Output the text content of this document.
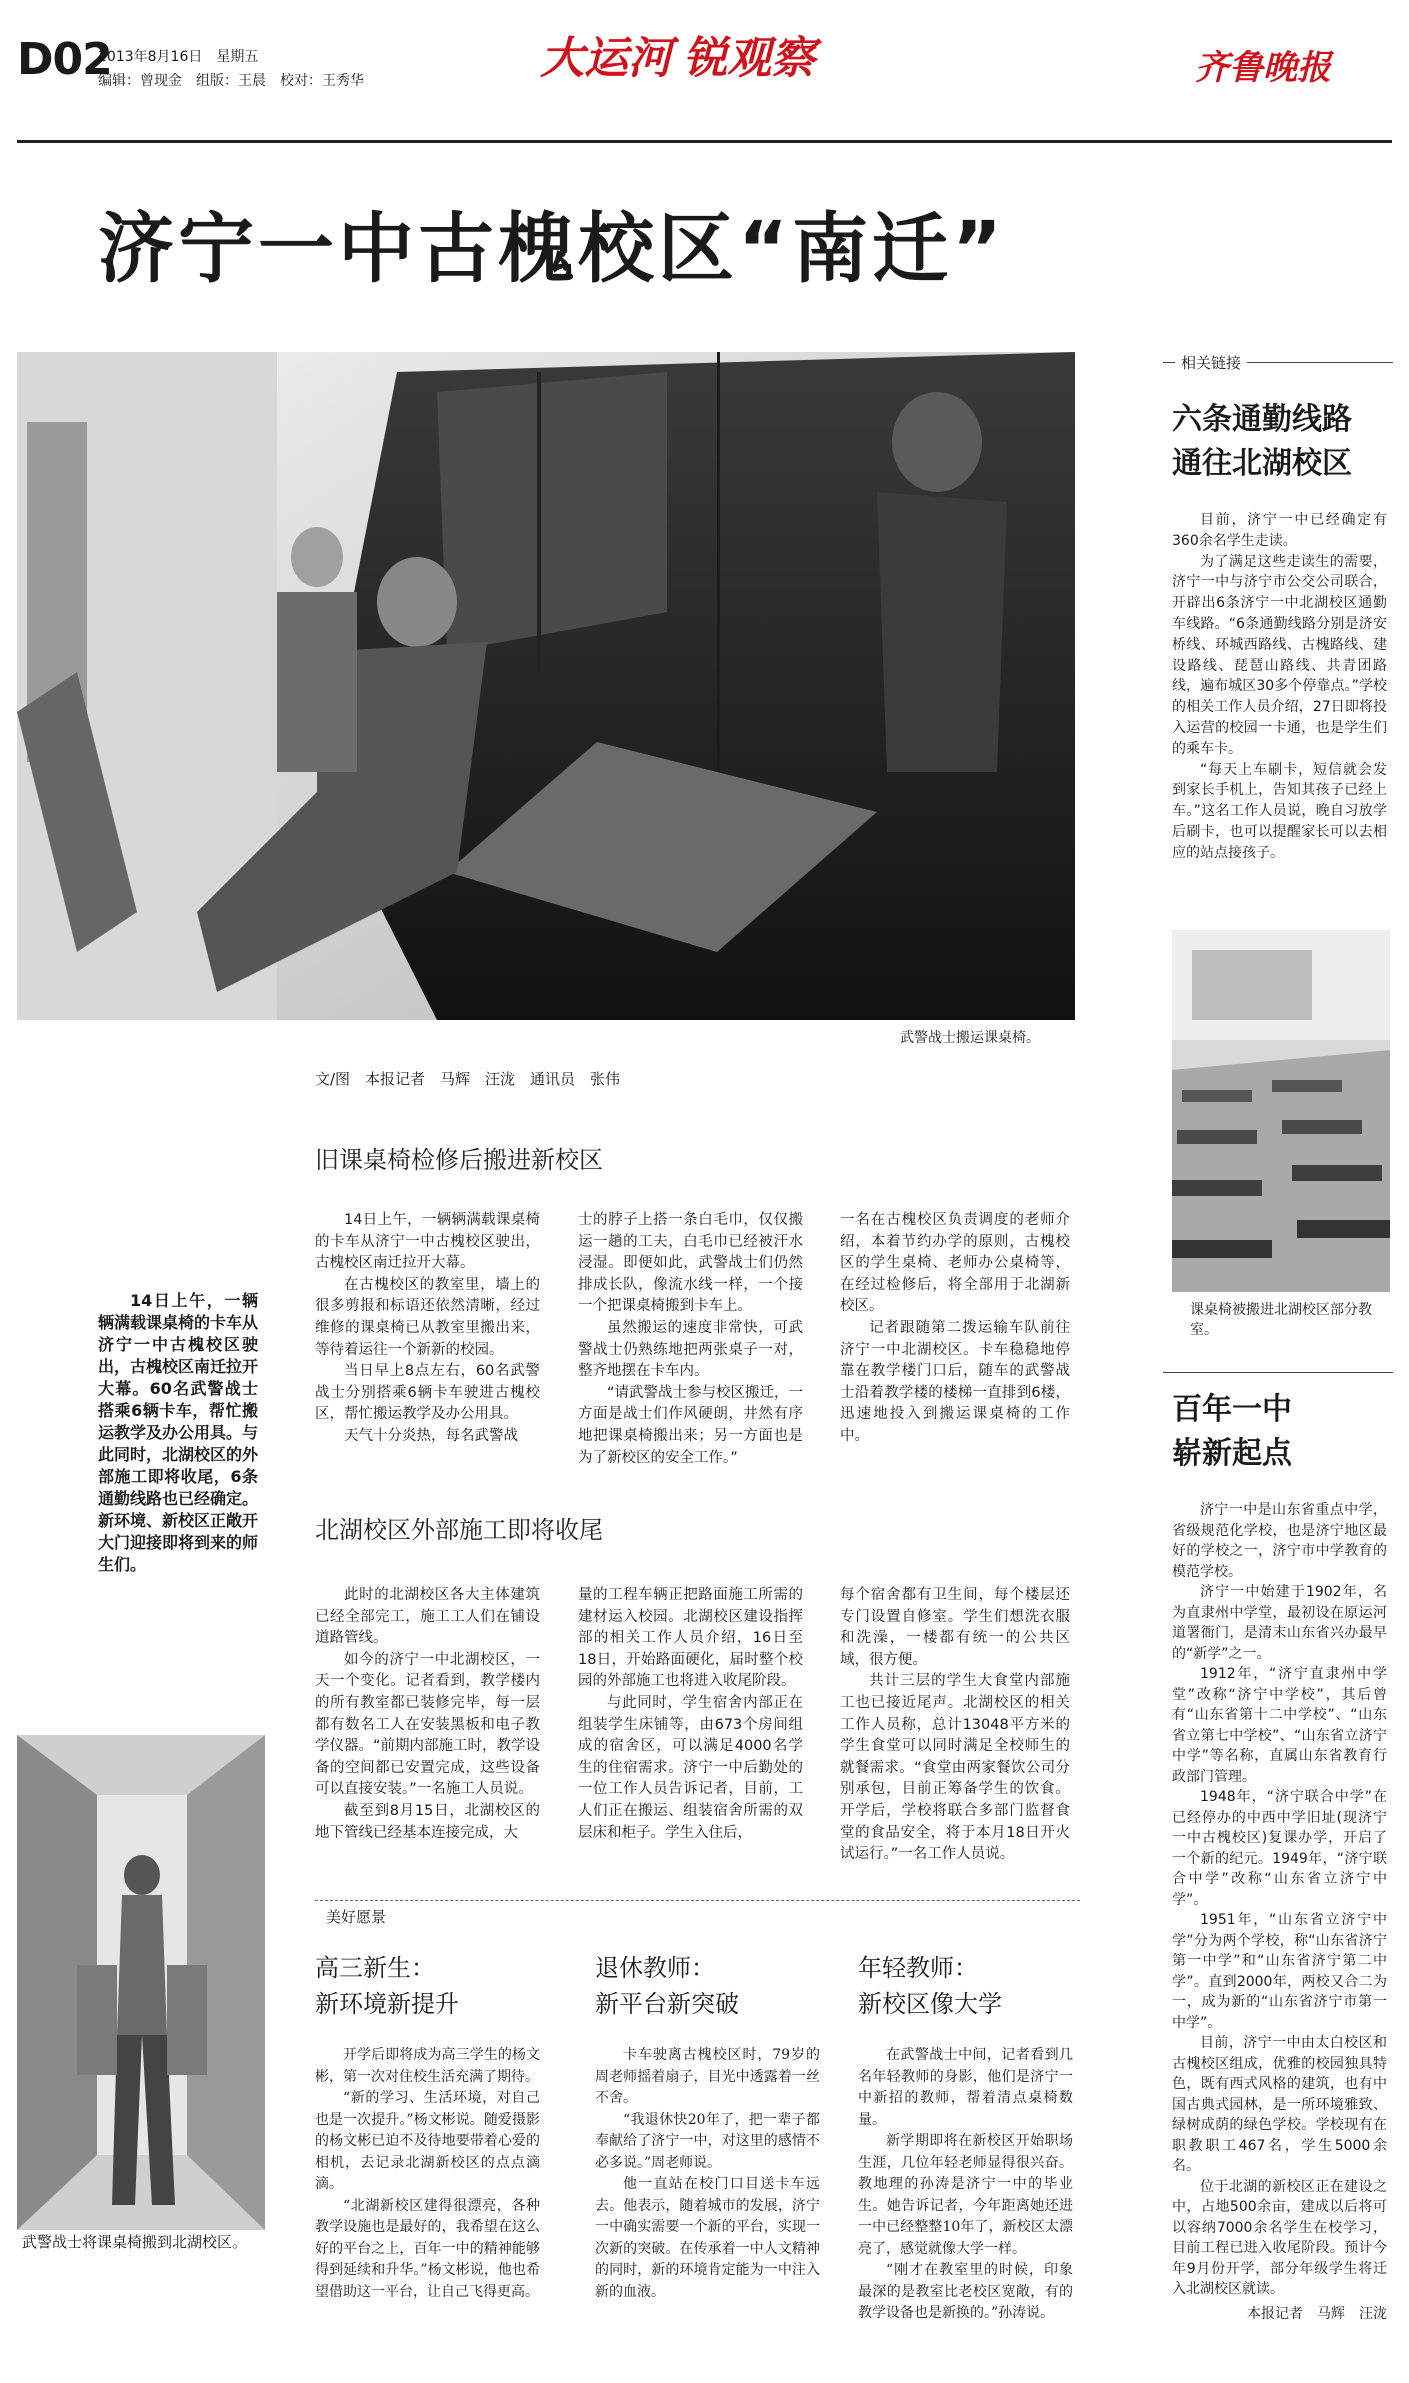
D02
2013年8月16日　星期五
编辑：曾现金　组版：王晨　校对：王秀华	大运河 锐观察	齐鲁晚报
济宁一中古槐校区“南迁”
武警战士搬运课桌椅。
文/图　本报记者　马辉　汪泷　通讯员　张伟

14日上午，一辆辆满载课桌椅的卡车从济宁一中古槐校区驶出，古槐校区南迁拉开大幕。60名武警战士搭乘6辆卡车，帮忙搬运教学及办公用具。与此同时，北湖校区的外部施工即将收尾，6条通勤线路也已经确定。新环境、新校区正敞开大门迎接即将到来的师生们。

旧课桌椅检修后搬进新校区

14日上午，一辆辆满载课桌椅的卡车从济宁一中古槐校区驶出，古槐校区南迁拉开大幕。

在古槐校区的教室里，墙上的很多剪报和标语还依然清晰，经过维修的课桌椅已从教室里搬出来，等待着运往一个新新的校园。

当日早上8点左右，60名武警战士分别搭乘6辆卡车驶进古槐校区，帮忙搬运教学及办公用具。

天气十分炎热，每名武警战

士的脖子上搭一条白毛巾，仅仅搬运一趟的工夫，白毛巾已经被汗水浸湿。即便如此，武警战士们仍然排成长队，像流水线一样，一个接一个把课桌椅搬到卡车上。

虽然搬运的速度非常快，可武警战士仍熟练地把两张桌子一对，整齐地摆在卡车内。

“请武警战士参与校区搬迁，一方面是战士们作风硬朗，井然有序地把课桌椅搬出来；另一方面也是为了新校区的安全工作。”

一名在古槐校区负责调度的老师介绍，本着节约办学的原则，古槐校区的学生桌椅、老师办公桌椅等，在经过检修后，将全部用于北湖新校区。

记者跟随第二拨运输车队前往济宁一中北湖校区。卡车稳稳地停靠在教学楼门口后，随车的武警战士沿着教学楼的楼梯一直排到6楼，迅速地投入到搬运课桌椅的工作中。

北湖校区外部施工即将收尾

此时的北湖校区各大主体建筑已经全部完工，施工工人们在铺设道路管线。

如今的济宁一中北湖校区，一天一个变化。记者看到，教学楼内的所有教室都已装修完毕，每一层都有数名工人在安装黑板和电子教学仪器。“前期内部施工时，教学设备的空间都已安置完成，这些设备可以直接安装。”一名施工人员说。

截至到8月15日，北湖校区的地下管线已经基本连接完成，大

量的工程车辆正把路面施工所需的建材运入校园。北湖校区建设指挥部的相关工作人员介绍，16日至18日，开始路面硬化，届时整个校园的外部施工也将进入收尾阶段。

与此同时，学生宿舍内部正在组装学生床铺等，由673个房间组成的宿舍区，可以满足4000名学生的住宿需求。济宁一中后勤处的一位工作人员告诉记者，目前，工人们正在搬运、组装宿舍所需的双层床和柜子。学生入住后，

每个宿舍都有卫生间，每个楼层还专门设置自修室。学生们想洗衣服和洗澡，一楼都有统一的公共区域，很方便。

共计三层的学生大食堂内部施工也已接近尾声。北湖校区的相关工作人员称，总计13048平方米的学生食堂可以同时满足全校师生的就餐需求。“食堂由两家餐饮公司分别承包，目前正筹备学生的饮食。开学后，学校将联合多部门监督食堂的食品安全，将于本月18日开火试运行。”一名工作人员说。

武警战士将课桌椅搬到北湖校区。
美好愿景
高三新生：
新环境新提升

开学后即将成为高三学生的杨文彬，第一次对住校生活充满了期待。

“新的学习、生活环境，对自己也是一次提升。”杨文彬说。随爱摄影的杨文彬已迫不及待地要带着心爱的相机，去记录北湖新校区的点点滴滴。

“北湖新校区建得很漂亮，各种教学设施也是最好的，我希望在这么好的平台之上，百年一中的精神能够得到延续和升华。”杨文彬说，他也希望借助这一平台，让自己飞得更高。

退休教师：
新平台新突破

卡车驶离古槐校区时，79岁的周老师摇着扇子，目光中透露着一丝不舍。

“我退休快20年了，把一辈子都奉献给了济宁一中，对这里的感情不必多说。”周老师说。

他一直站在校门口目送卡车远去。他表示，随着城市的发展，济宁一中确实需要一个新的平台，实现一次新的突破。在传承着一中人文精神的同时，新的环境肯定能为一中注入新的血液。

年轻教师：
新校区像大学

在武警战士中间，记者看到几名年轻教师的身影，他们是济宁一中新招的教师，帮着清点桌椅数量。

新学期即将在新校区开始职场生涯，几位年轻老师显得很兴奋。教地理的孙涛是济宁一中的毕业生。她告诉记者，今年距离她还进一中已经整整10年了，新校区太漂亮了，感觉就像大学一样。

“刚才在教室里的时候，印象最深的是教室比老校区宽敞，有的教学设备也是新换的。”孙涛说。

相关链接
六条通勤线路
通往北湖校区

目前，济宁一中已经确定有360余名学生走读。

为了满足这些走读生的需要，济宁一中与济宁市公交公司联合，开辟出6条济宁一中北湖校区通勤车线路。“6条通勤线路分别是济安桥线、环城西路线、古槐路线、建设路线、琵琶山路线、共青团路线，遍布城区30多个停靠点。”学校的相关工作人员介绍，27日即将投入运营的校园一卡通，也是学生们的乘车卡。

“每天上车刷卡，短信就会发到家长手机上，告知其孩子已经上车。”这名工作人员说，晚自习放学后刷卡，也可以提醒家长可以去相应的站点接孩子。

课桌椅被搬进北湖校区部分教室。
百年一中
崭新起点

济宁一中是山东省重点中学，省级规范化学校，也是济宁地区最好的学校之一，济宁市中学教育的模范学校。

济宁一中始建于1902年，名为直隶州中学堂，最初设在原运河道署衙门，是清末山东省兴办最早的“新学”之一。

1912年，“济宁直隶州中学堂”改称“济宁中学校”，其后曾有“山东省第十二中学校”、“山东省立第七中学校”、“山东省立济宁中学”等名称，直属山东省教育行政部门管理。

1948年，“济宁联合中学”在已经停办的中西中学旧址(现济宁一中古槐校区)复课办学，开启了一个新的纪元。1949年，“济宁联合中学”改称“山东省立济宁中学”。

1951年，“山东省立济宁中学”分为两个学校，称“山东省济宁第一中学”和“山东省济宁第二中学”。直到2000年，两校又合二为一，成为新的“山东省济宁市第一中学”。

目前，济宁一中由太白校区和古槐校区组成，优雅的校园独具特色，既有西式风格的建筑，也有中国古典式园林，是一所环境雅致、绿树成荫的绿色学校。学校现有在职教职工467名，学生5000余名。

位于北湖的新校区正在建设之中，占地500余亩，建成以后将可以容纳7000余名学生在校学习，目前工程已进入收尾阶段。预计今年9月份开学，部分年级学生将迁入北湖校区就读。

本报记者　马辉　汪泷
